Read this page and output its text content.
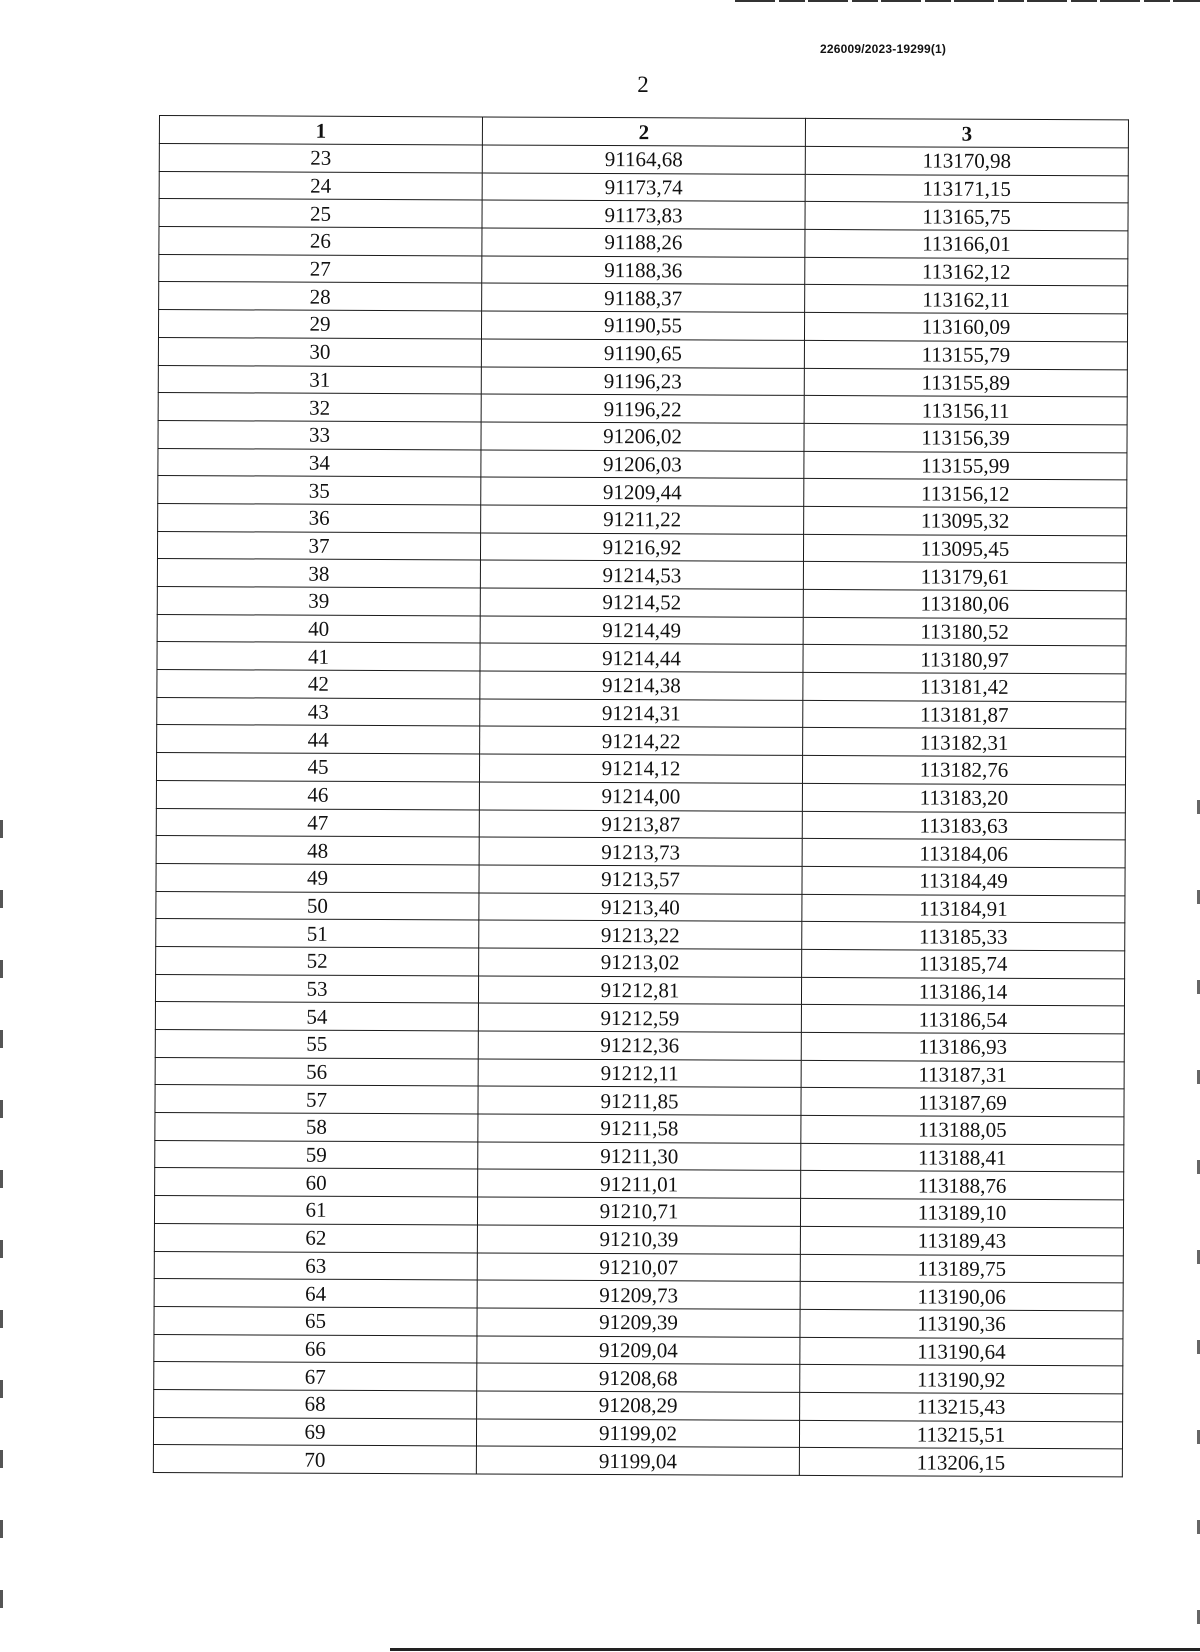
226009/2023-19299(1)
2
1	2	3
23	91164,68	113170,98
24	91173,74	113171,15
25	91173,83	113165,75
26	91188,26	113166,01
27	91188,36	113162,12
28	91188,37	113162,11
29	91190,55	113160,09
30	91190,65	113155,79
31	91196,23	113155,89
32	91196,22	113156,11
33	91206,02	113156,39
34	91206,03	113155,99
35	91209,44	113156,12
36	91211,22	113095,32
37	91216,92	113095,45
38	91214,53	113179,61
39	91214,52	113180,06
40	91214,49	113180,52
41	91214,44	113180,97
42	91214,38	113181,42
43	91214,31	113181,87
44	91214,22	113182,31
45	91214,12	113182,76
46	91214,00	113183,20
47	91213,87	113183,63
48	91213,73	113184,06
49	91213,57	113184,49
50	91213,40	113184,91
51	91213,22	113185,33
52	91213,02	113185,74
53	91212,81	113186,14
54	91212,59	113186,54
55	91212,36	113186,93
56	91212,11	113187,31
57	91211,85	113187,69
58	91211,58	113188,05
59	91211,30	113188,41
60	91211,01	113188,76
61	91210,71	113189,10
62	91210,39	113189,43
63	91210,07	113189,75
64	91209,73	113190,06
65	91209,39	113190,36
66	91209,04	113190,64
67	91208,68	113190,92
68	91208,29	113215,43
69	91199,02	113215,51
70	91199,04	113206,15
